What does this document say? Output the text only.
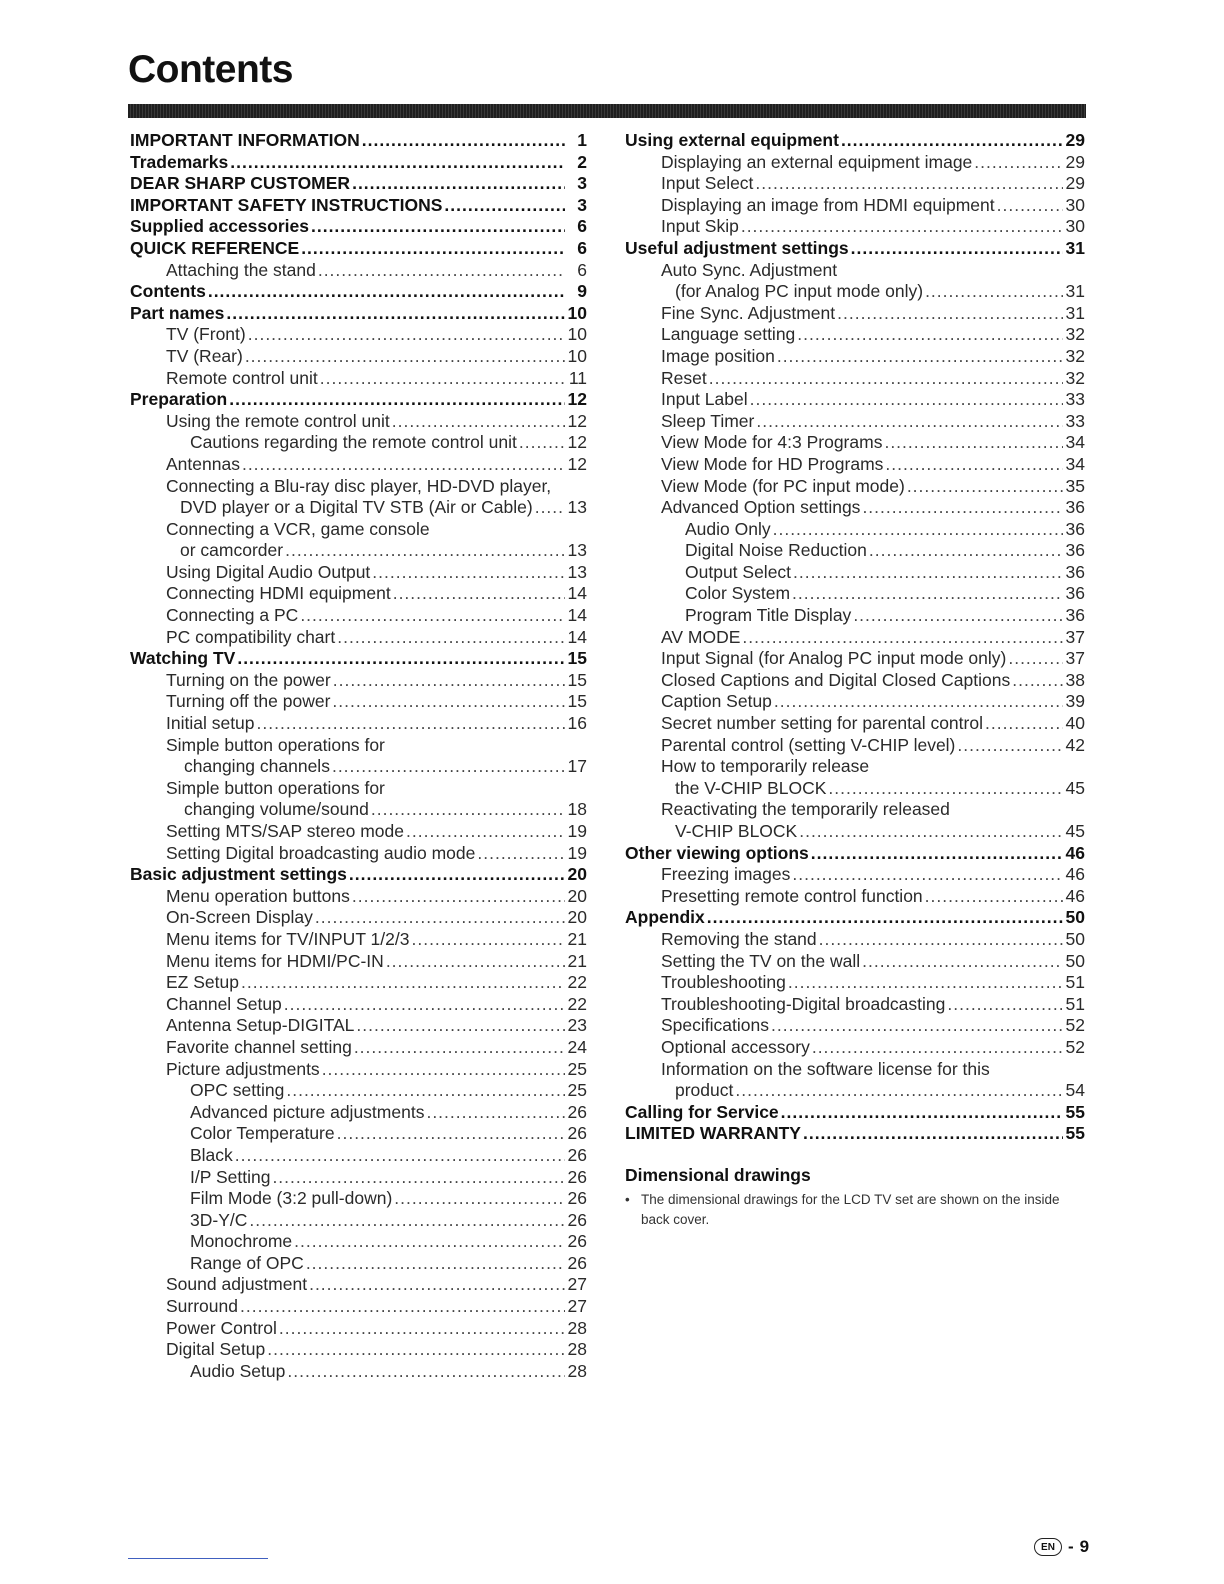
Contents
IMPORTANT INFORMATION .....	1
Trademarks .....	2
DEAR SHARP CUSTOMER .....	3
IMPORTANT SAFETY INSTRUCTIONS .....	3
Supplied accessories .....	6
QUICK REFERENCE .....	6
Attaching the stand .....	6
Contents .....	9
Part names .....	10
TV (Front) .....	10
TV (Rear) .....	10
Remote control unit .....	11
Preparation .....	12
Using the remote control unit .....	12
Cautions regarding the remote control unit .....	12
Antennas .....	12
Connecting a Blu-ray disc player, HD-DVD player,
DVD player or a Digital TV STB (Air or Cable) ..... 13
Connecting a VCR, game console
or camcorder .....	13
Using Digital Audio Output .....	13
Connecting HDMI equipment .....	14
Connecting a PC .....	14
PC compatibility chart .....	14
Watching TV .....	15
Turning on the power .....	15
Turning off the power .....	15
Initial setup .....	16
Simple button operations for
changing channels .....	17
Simple button operations for
changing volume/sound .....	18
Setting MTS/SAP stereo mode .....	19
Setting Digital broadcasting audio mode .....	19
Basic adjustment settings .....	20
Menu operation buttons .....	20
On-Screen Display .....	20
Menu items for TV/INPUT 1/2/3 .....	21
Menu items for HDMI/PC-IN .....	21
EZ Setup .....	22
Channel Setup .....	22
Antenna Setup-DIGITAL .....	23
Favorite channel setting .....	24
Picture adjustments .....	25
OPC setting .....	25
Advanced picture adjustments .....	26
Color Temperature .....	26
Black .....	26
I/P Setting .....	26
Film Mode (3:2 pull-down) .....	26
3D-Y/C .....	26
Monochrome .....	26
Range of OPC .....	26
Sound adjustment .....	27
Surround .....	27
Power Control .....	28
Digital Setup .....	28
Audio Setup .....	28
Using external equipment .....	29
Displaying an external equipment image .....	29
Input Select .....	29
Displaying an image from HDMI equipment .....	30
Input Skip .....	30
Useful adjustment settings .....	31
Auto Sync. Adjustment
(for Analog PC input mode only) .....	31
Fine Sync. Adjustment .....	31
Language setting .....	32
Image position .....	32
Reset .....	32
Input Label .....	33
Sleep Timer .....	33
View Mode for 4:3 Programs .....	34
View Mode for HD Programs .....	34
View Mode (for PC input mode) .....	35
Advanced Option settings .....	36
Audio Only .....	36
Digital Noise Reduction .....	36
Output Select .....	36
Color System .....	36
Program Title Display .....	36
AV MODE .....	37
Input Signal (for Analog PC input mode only) .....	37
Closed Captions and Digital Closed Captions .....	38
Caption Setup .....	39
Secret number setting for parental control .....	40
Parental control (setting V-CHIP level) .....	42
How to temporarily release
the V-CHIP BLOCK .....	45
Reactivating the temporarily released
V-CHIP BLOCK .....	45
Other viewing options .....	46
Freezing images .....	46
Presetting remote control function .....	46
Appendix .....	50
Removing the stand .....	50
Setting the TV on the wall .....	50
Troubleshooting .....	51
Troubleshooting-Digital broadcasting .....	51
Specifications .....	52
Optional accessory .....	52
Information on the software license for this
product .....	54
Calling for Service .....	55
LIMITED WARRANTY .....	55
Dimensional drawings
• The dimensional drawings for the LCD TV set are shown on the inside back cover.
EN - 9
